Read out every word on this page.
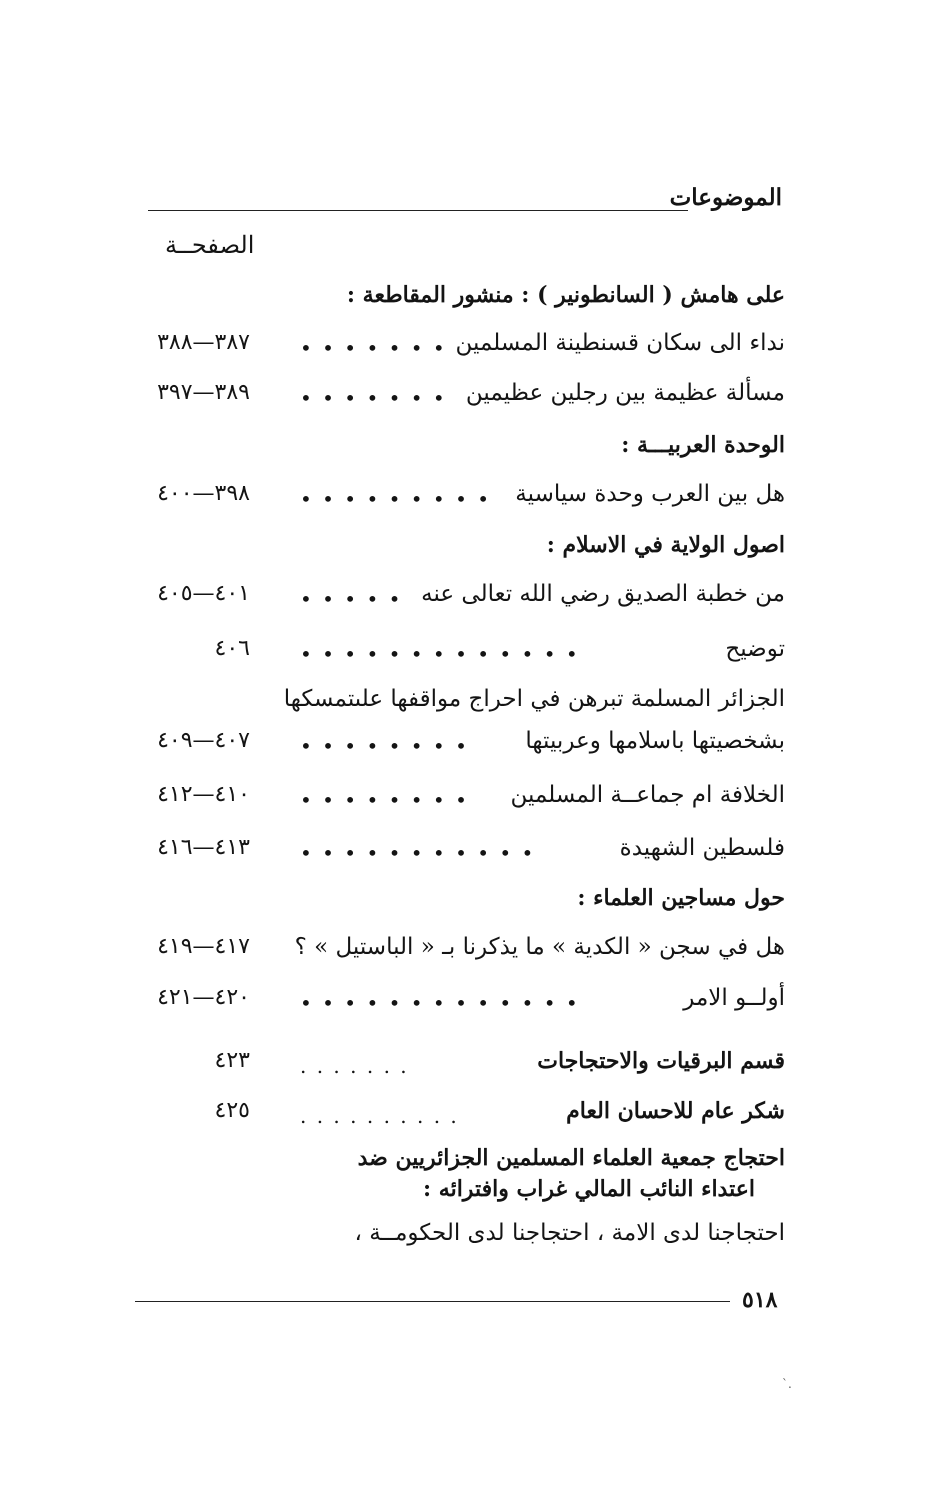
الموضوعات
الصفحــة
على هامش ( السانطونير ) : منشور المقاطعة :
نداء الى سكان قسنطينة المسلمين
• • • • • • •
٣٨٧—٣٨٨
مسألة عظيمة بين رجلين عظيمين
• • • • • • •
٣٨٩—٣٩٧
الوحدة العربيـــة :
هل بين العرب وحدة سياسية
• • • • • • • • •
٣٩٨—٤٠٠
اصول الولاية في الاسلام :
من خطبة الصديق رضي الله تعالى عنه
• • • • •
٤٠١—٤٠٥
توضيح
• • • • • • • • • • • • •
٤٠٦
الجزائر المسلمة تبرهن في احراج مواقفها علىتمسكها
بشخصيتها باسلامها وعربيتها
• • • • • • • •
٤٠٧—٤٠٩
الخلافة ام جماعــة المسلمين
• • • • • • • •
٤١٠—٤١٢
فلسطين الشهيدة
• • • • • • • • • • •
٤١٣—٤١٦
حول مساجين العلماء :
هل في سجن « الكدية » ما يذكرنا بـ « الباستيل » ؟
٤١٧—٤١٩
أولــو الامر
• • • • • • • • • • • • •
٤٢٠—٤٢١
قسم البرقيات والاحتجاجات
. . . . . . .
٤٢٣
شكر عام للاحسان العام
. . . . . . . . . .
٤٢٥
احتجاج جمعية العلماء المسلمين الجزائريين ضد
اعتداء النائب المالي غراب وافترائه :
احتجاجنا لدى الامة ، احتجاجنا لدى الحكومــة ،
٥١٨
`.
